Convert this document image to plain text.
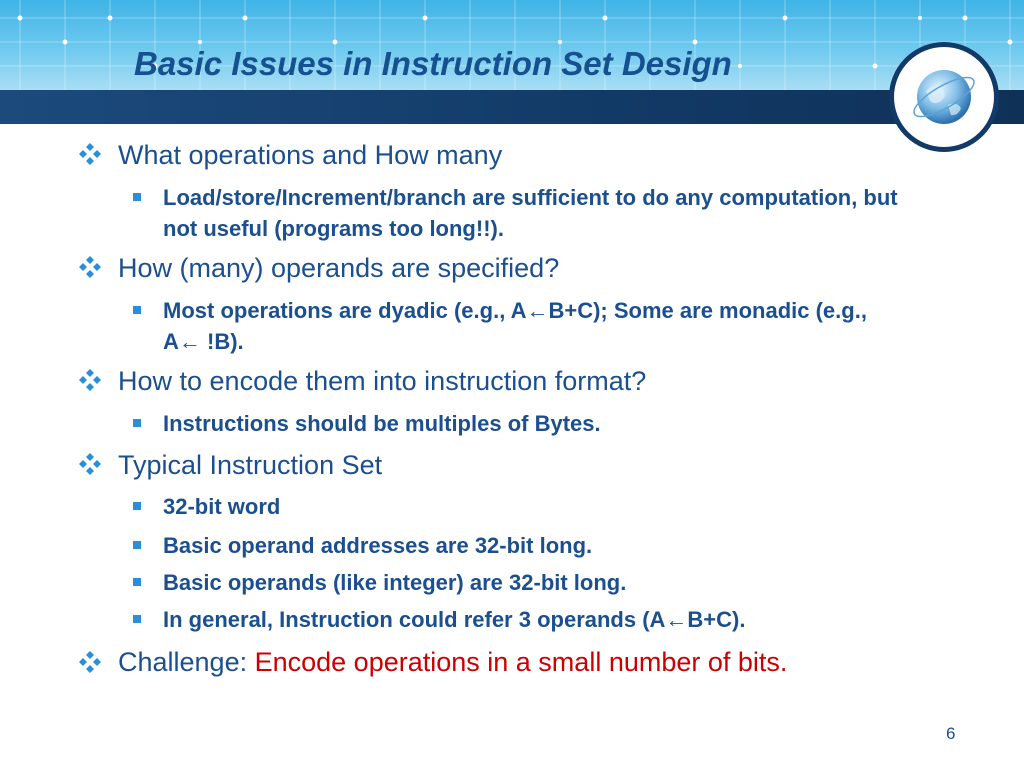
Basic Issues in Instruction Set Design
What operations and How many
Load/store/Increment/branch are sufficient to do any computation, but not useful (programs too long!!).
How (many) operands are specified?
Most operations are dyadic (e.g., A←B+C); Some are monadic (e.g., A← !B).
How to encode them into instruction format?
Instructions should be multiples of Bytes.
Typical Instruction Set
32-bit word
Basic operand addresses are 32-bit long.
Basic operands (like integer) are 32-bit long.
In general, Instruction could refer 3 operands (A←B+C).
Challenge: Encode operations in a small number of bits.
6
